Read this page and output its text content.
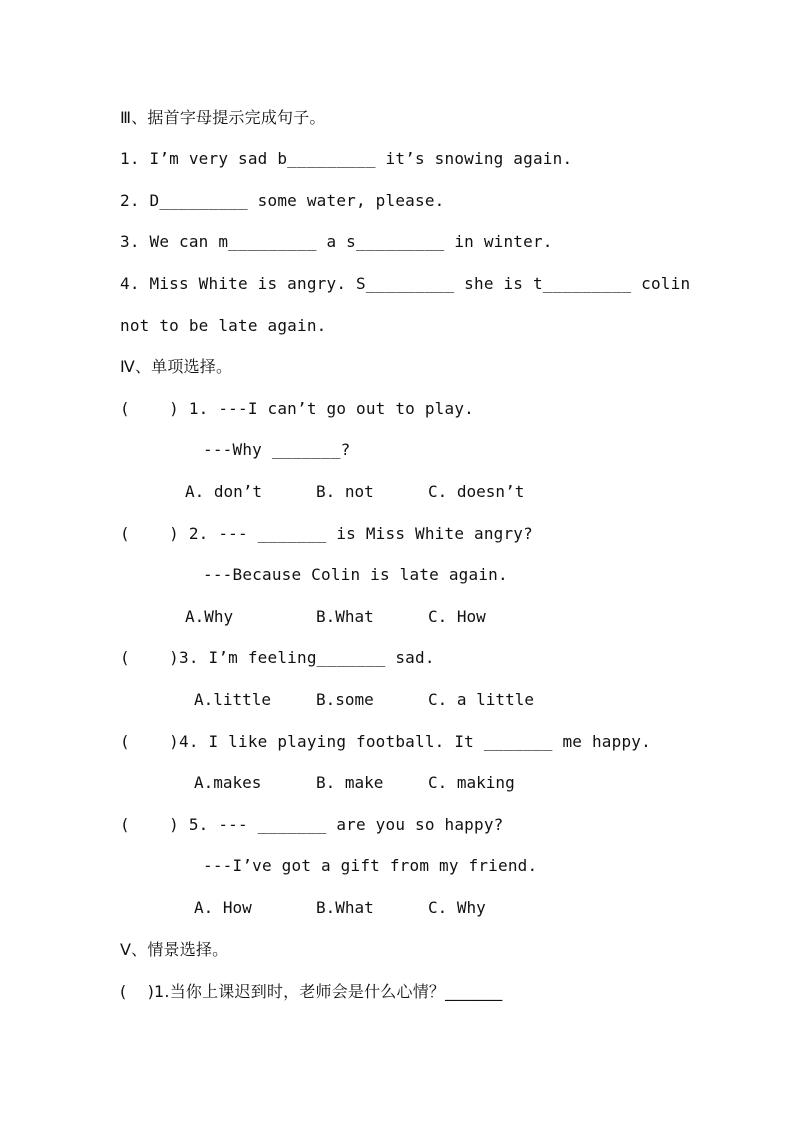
Ⅲ、据首字母提示完成句子。
1. I’m very sad b_________ it’s snowing again.
2. D_________ some water, please.
3. We can m_________ a s_________ in winter.
4. Miss White is angry. S_________ she is t_________ colin
not to be late again.
Ⅳ、单项选择。
(    ) 1. ---I can’t go out to play.
---Why _______?
A. don’t	B. not	C. doesn’t
(    ) 2. --- _______ is Miss White angry?
---Because Colin is late again.
A.Why	B.What	C. How
(    )3. I’m feeling_______ sad.
A.little	B.some	C. a little
(    )4. I like playing football. It _______ me happy.
A.makes	B. make	C. making
(    ) 5. --- _______ are you so happy?
---I’ve got a gift from my friend.
A. How	B.What	C. Why
Ⅴ、情景选择。
(    )1.当你上课迟到时，老师会是什么心情？_______
